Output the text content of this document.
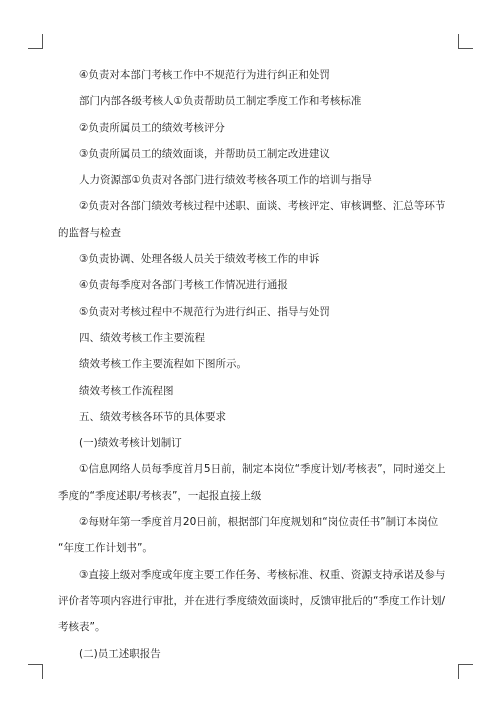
④负责对本部门考核工作中不规范行为进行纠正和处罚

部门内部各级考核人①负责帮助员工制定季度工作和考核标准

②负责所属员工的绩效考核评分

③负责所属员工的绩效面谈，并帮助员工制定改进建议

人力资源部①负责对各部门进行绩效考核各项工作的培训与指导

②负责对各部门绩效考核过程中述职、面谈、考核评定、审核调整、汇总等环节

的监督与检查

③负责协调、处理各级人员关于绩效考核工作的申诉

④负责每季度对各部门考核工作情况进行通报

⑤负责对考核过程中不规范行为进行纠正、指导与处罚

四、绩效考核工作主要流程

绩效考核工作主要流程如下图所示。

绩效考核工作流程图

五、绩效考核各环节的具体要求

(一)绩效考核计划制订

①信息网络人员每季度首月5日前，制定本岗位“季度计划/考核表”，同时递交上

季度的“季度述职/考核表”，一起报直接上级

②每财年第一季度首月20日前，根据部门年度规划和“岗位责任书”制订本岗位

“年度工作计划书”。

③直接上级对季度或年度主要工作任务、考核标准、权重、资源支持承诺及参与

评价者等项内容进行审批，并在进行季度绩效面谈时，反馈审批后的“季度工作计划/

考核表”。

(二)员工述职报告
